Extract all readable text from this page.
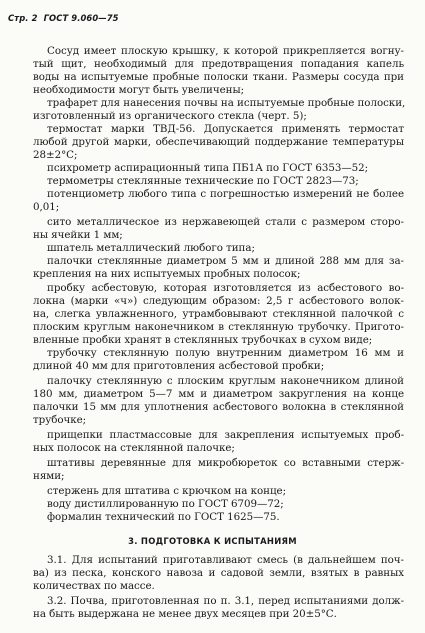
Стр. 2 ГОСТ 9.060—75
Сосуд имеет плоскую крышку, к которой прикрепляется вогну-
тый щит, необходимый для предотвращения попадания капель
воды на испытуемые пробные полоски ткани. Размеры сосуда при
необходимости могут быть увеличены;
трафарет для нанесения почвы на испытуемые пробные полоски,
изготовленный из органического стекла (черт. 5);
термостат марки ТВД-56. Допускается применять термостат
любой другой марки, обеспечивающий поддержание температуры
28±2°С;
психрометр аспирационный типа ПБ1А по ГОСТ 6353—52;
термометры стеклянные технические по ГОСТ 2823—73;
потенциометр любого типа с погрешностью измерений не более
0,01;
сито металлическое из нержавеющей стали с размером сторо-
ны ячейки 1 мм;
шпатель металлический любого типа;
палочки стеклянные диаметром 5 мм и длиной 288 мм для за-
крепления на них испытуемых пробных полосок;
пробку асбестовую, которая изготовляется из асбестового во-
локна (марки «ч») следующим образом: 2,5 г асбестового волок-
на, слегка увлажненного, утрамбовывают стеклянной палочкой с
плоским круглым наконечником в стеклянную трубочку. Пригото-
вленные пробки хранят в стеклянных трубочках в сухом виде;
трубочку стеклянную полую внутренним диаметром 16 мм и
длиной 40 мм для приготовления асбестовой пробки;
палочку стеклянную с плоским круглым наконечником длиной
180 мм, диаметром 5—7 мм и диаметром закругления на конце
палочки 15 мм для уплотнения асбестового волокна в стеклянной
трубочке;
прищепки пластмассовые для закрепления испытуемых проб-
ных полосок на стеклянной палочке;
штативы деревянные для микробюреток со вставными стерж-
нями;
стержень для штатива с крючком на конце;
воду дистиллированную по ГОСТ 6709—72;
формалин технический по ГОСТ 1625—75.
3. ПОДГОТОВКА К ИСПЫТАНИЯМ
3.1. Для испытаний приготавливают смесь (в дальнейшем поч-
ва) из песка, конского навоза и садовой земли, взятых в равных
количествах по массе.
3.2. Почва, приготовленная по п. 3.1, перед испытаниями долж-
на быть выдержана не менее двух месяцев при 20±5°С.
